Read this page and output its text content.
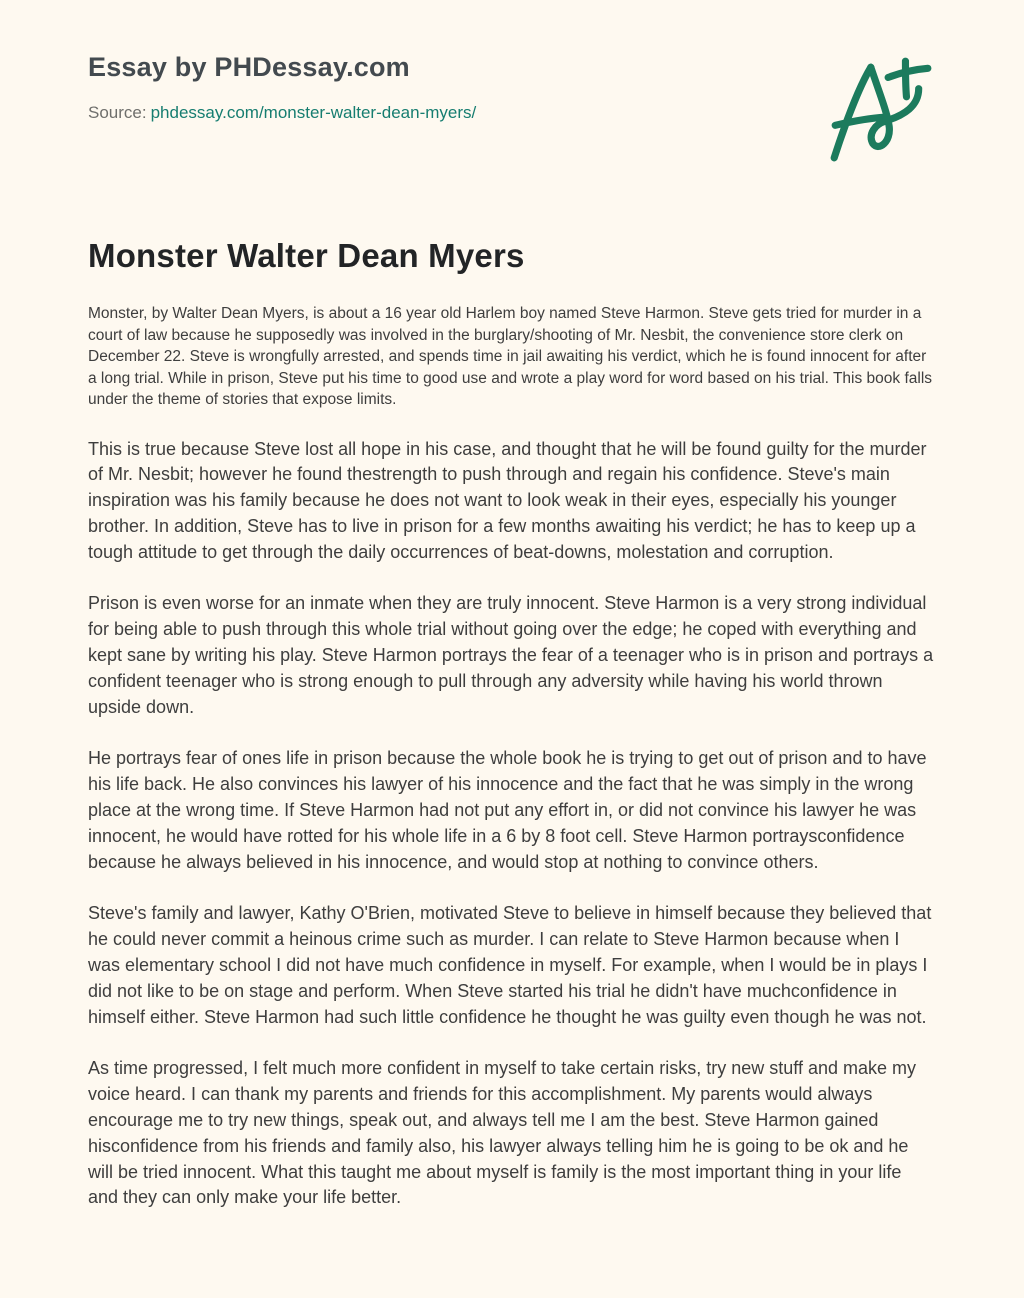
Essay by PHDessay.com
Source: phdessay.com/monster-walter-dean-myers/
Monster Walter Dean Myers

Monster, by Walter Dean Myers, is about a 16 year old Harlem boy named Steve Harmon. Steve gets tried for murder in a court of law because he supposedly was involved in the burglary/shooting of Mr. Nesbit, the convenience store clerk on December 22. Steve is wrongfully arrested, and spends time in jail awaiting his verdict, which he is found innocent for after a long trial. While in prison, Steve put his time to good use and wrote a play word for word based on his trial. This book falls under the theme of stories that expose limits.

This is true because Steve lost all hope in his case, and thought that he will be found guilty for the murder of Mr. Nesbit; however he found thestrength to push through and regain his confidence. Steve's main inspiration was his family because he does not want to look weak in their eyes, especially his younger brother. In addition, Steve has to live in prison for a few months awaiting his verdict; he has to keep up a tough attitude to get through the daily occurrences of beat-downs, molestation and corruption.

Prison is even worse for an inmate when they are truly innocent. Steve Harmon is a very strong individual for being able to push through this whole trial without going over the edge; he coped with everything and kept sane by writing his play. Steve Harmon portrays the fear of a teenager who is in prison and portrays a confident teenager who is strong enough to pull through any adversity while having his world thrown upside down.

He portrays fear of ones life in prison because the whole book he is trying to get out of prison and to have his life back. He also convinces his lawyer of his innocence and the fact that he was simply in the wrong place at the wrong time. If Steve Harmon had not put any effort in, or did not convince his lawyer he was innocent, he would have rotted for his whole life in a 6 by 8 foot cell. Steve Harmon portraysconfidence because he always believed in his innocence, and would stop at nothing to convince others.

Steve's family and lawyer, Kathy O'Brien, motivated Steve to believe in himself because they believed that he could never commit a heinous crime such as murder. I can relate to Steve Harmon because when I was elementary school I did not have much confidence in myself. For example, when I would be in plays I did not like to be on stage and perform. When Steve started his trial he didn't have muchconfidence in himself either. Steve Harmon had such little confidence he thought he was guilty even though he was not.

As time progressed, I felt much more confident in myself to take certain risks, try new stuff and make my voice heard. I can thank my parents and friends for this accomplishment. My parents would always encourage me to try new things, speak out, and always tell me I am the best. Steve Harmon gained hisconfidence from his friends and family also, his lawyer always telling him he is going to be ok and he will be tried innocent. What this taught me about myself is family is the most important thing in your life and they can only make your life better.
